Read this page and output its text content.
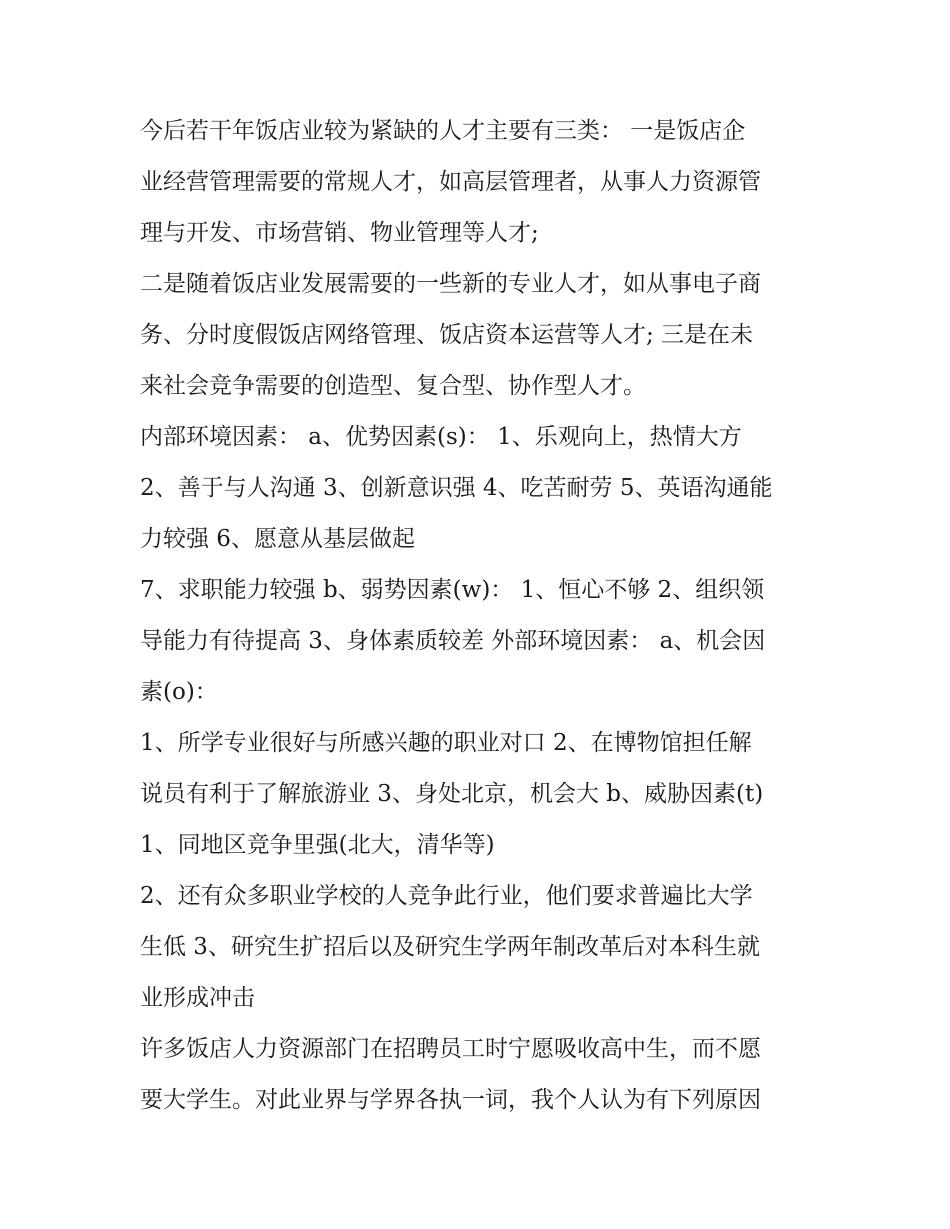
今后若干年饭店业较为紧缺的人才主要有三类： 一是饭店企
业经营管理需要的常规人才，如高层管理者，从事人力资源管
理与开发、市场营销、物业管理等人才;
二是随着饭店业发展需要的一些新的专业人才，如从事电子商
务、分时度假饭店网络管理、饭店资本运营等人才; 三是在未
来社会竞争需要的创造型、复合型、协作型人才。
内部环境因素： a、优势因素(s)： 1、乐观向上，热情大方
2、善于与人沟通 3、创新意识强 4、吃苦耐劳 5、英语沟通能
力较强 6、愿意从基层做起
7、求职能力较强 b、弱势因素(w)： 1、恒心不够 2、组织领
导能力有待提高 3、身体素质较差 外部环境因素： a、机会因
素(o)：
1、所学专业很好与所感兴趣的职业对口 2、在博物馆担任解
说员有利于了解旅游业 3、身处北京，机会大 b、威胁因素(t)
1、同地区竞争里强(北大，清华等)
2、还有众多职业学校的人竞争此行业，他们要求普遍比大学
生低 3、研究生扩招后以及研究生学两年制改革后对本科生就
业形成冲击
许多饭店人力资源部门在招聘员工时宁愿吸收高中生，而不愿
要大学生。对此业界与学界各执一词，我个人认为有下列原因
